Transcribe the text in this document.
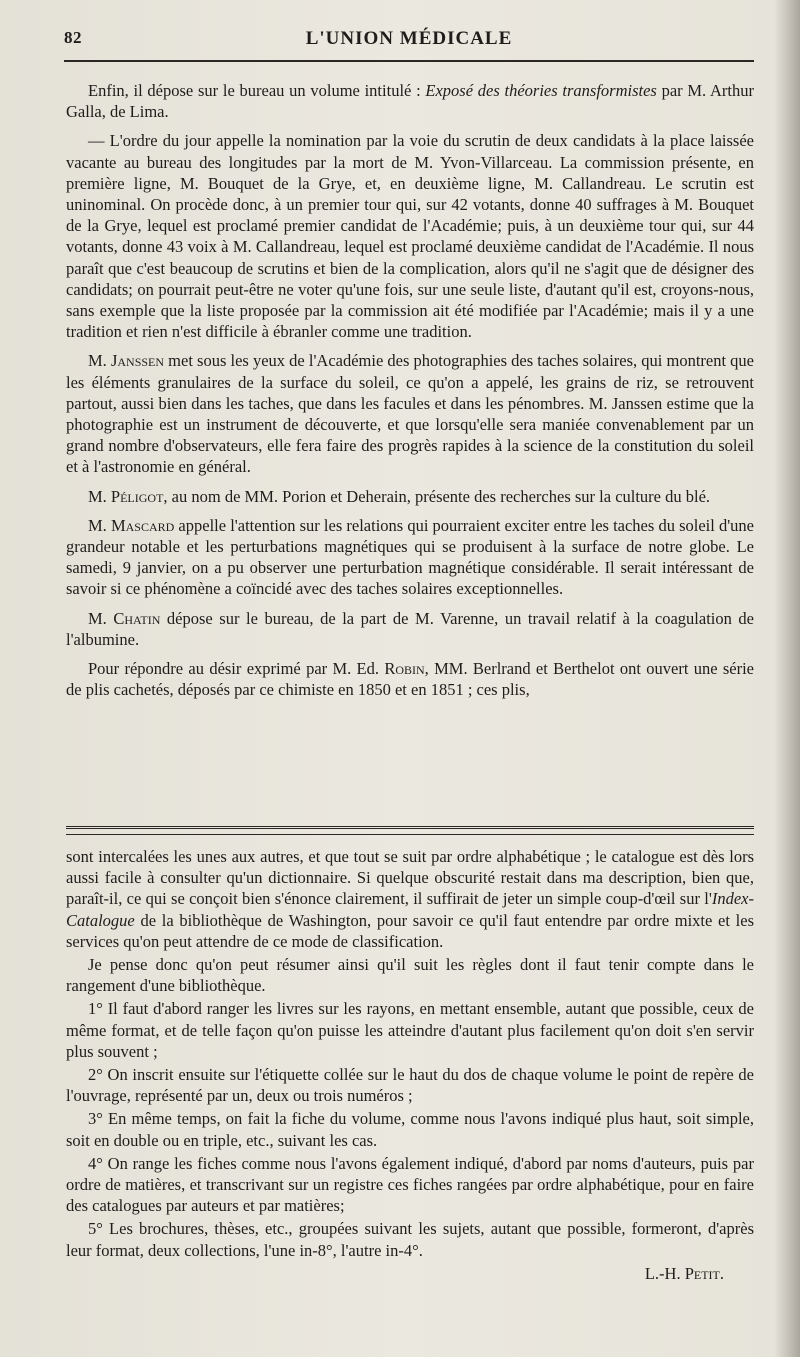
82	L'UNION MÉDICALE

Enfin, il dépose sur le bureau un volume intitulé : Exposé des théories transformistes par M. Arthur Galla, de Lima.

— L'ordre du jour appelle la nomination par la voie du scrutin de deux candidats à la place laissée vacante au bureau des longitudes par la mort de M. Yvon-Villarceau. La commission présente, en première ligne, M. Bouquet de la Grye, et, en deuxième ligne, M. Callandreau. Le scrutin est uninominal. On procède donc, à un premier tour qui, sur 42 votants, donne 40 suffrages à M. Bouquet de la Grye, lequel est proclamé premier candidat de l'Académie; puis, à un deuxième tour qui, sur 44 votants, donne 43 voix à M. Callandreau, lequel est proclamé deuxième candidat de l'Académie. Il nous paraît que c'est beaucoup de scrutins et bien de la complication, alors qu'il ne s'agit que de désigner des candidats; on pourrait peut-être ne voter qu'une fois, sur une seule liste, d'autant qu'il est, croyons-nous, sans exemple que la liste proposée par la commission ait été modifiée par l'Académie; mais il y a une tradition et rien n'est difficile à ébranler comme une tradition.

M. Janssen met sous les yeux de l'Académie des photographies des taches solaires, qui montrent que les éléments granulaires de la surface du soleil, ce qu'on a appelé, les grains de riz, se retrouvent partout, aussi bien dans les taches, que dans les facules et dans les pénombres. M. Janssen estime que la photographie est un instrument de découverte, et que lorsqu'elle sera maniée convenablement par un grand nombre d'observateurs, elle fera faire des progrès rapides à la science de la constitution du soleil et à l'astronomie en général.

M. Péligot, au nom de MM. Porion et Deherain, présente des recherches sur la culture du blé.

M. Mascard appelle l'attention sur les relations qui pourraient exciter entre les taches du soleil d'une grandeur notable et les perturbations magnétiques qui se produisent à la surface de notre globe. Le samedi, 9 janvier, on a pu observer une perturbation magnétique considérable. Il serait intéressant de savoir si ce phénomène a coïncidé avec des taches solaires exceptionnelles.

M. Chatin dépose sur le bureau, de la part de M. Varenne, un travail relatif à la coagulation de l'albumine.

Pour répondre au désir exprimé par M. Ed. Robin, MM. Berlrand et Berthelot ont ouvert une série de plis cachetés, déposés par ce chimiste en 1850 et en 1851 ; ces plis,

sont intercalées les unes aux autres, et que tout se suit par ordre alphabétique ; le catalogue est dès lors aussi facile à consulter qu'un dictionnaire. Si quelque obscurité restait dans ma description, bien que, paraît-il, ce qui se conçoit bien s'énonce clairement, il suffirait de jeter un simple coup-d'œil sur l'Index-Catalogue de la bibliothèque de Washington, pour savoir ce qu'il faut entendre par ordre mixte et les services qu'on peut attendre de ce mode de classification.

Je pense donc qu'on peut résumer ainsi qu'il suit les règles dont il faut tenir compte dans le rangement d'une bibliothèque.

1° Il faut d'abord ranger les livres sur les rayons, en mettant ensemble, autant que possible, ceux de même format, et de telle façon qu'on puisse les atteindre d'autant plus facilement qu'on doit s'en servir plus souvent ;

2° On inscrit ensuite sur l'étiquette collée sur le haut du dos de chaque volume le point de repère de l'ouvrage, représenté par un, deux ou trois numéros ;

3° En même temps, on fait la fiche du volume, comme nous l'avons indiqué plus haut, soit simple, soit en double ou en triple, etc., suivant les cas.

4° On range les fiches comme nous l'avons également indiqué, d'abord par noms d'auteurs, puis par ordre de matières, et transcrivant sur un registre ces fiches rangées par ordre alphabétique, pour en faire des catalogues par auteurs et par matières;

5° Les brochures, thèses, etc., groupées suivant les sujets, autant que possible, formeront, d'après leur format, deux collections, l'une in-8°, l'autre in-4°.

L.-H. Petit.
